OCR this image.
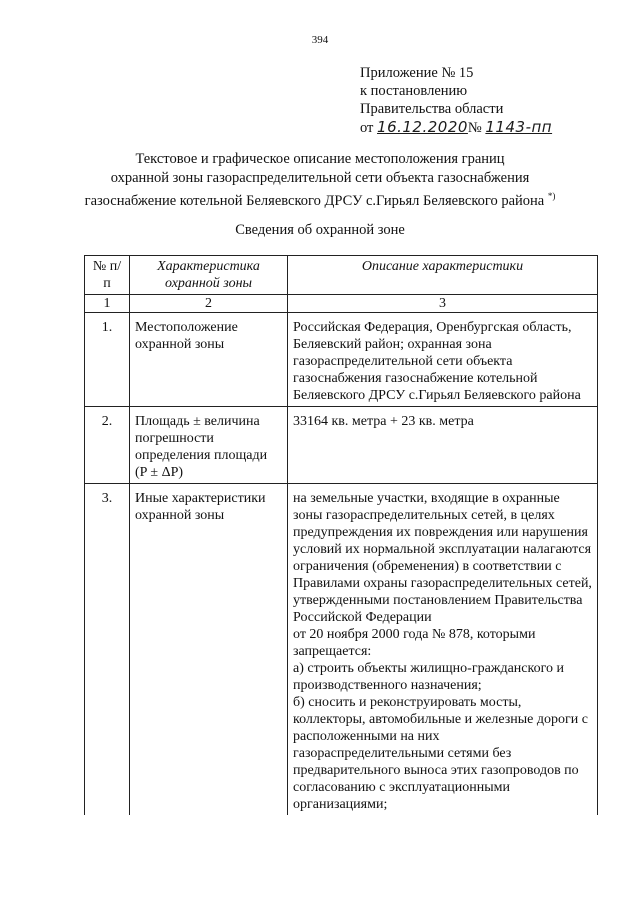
394
Приложение № 15
к постановлению
Правительства области
от 16.12.2020№ 1143-пп
Текстовое и графическое описание местоположения границ
охранной зоны газораспределительной сети объекта газоснабжения
газоснабжение котельной Беляевского ДРСУ с.Гирьял Беляевского района *)
Сведения об охранной зоне
№ п/п	Характеристика охранной зоны	Описание характеристики
1	2	3
1.	Местоположение охранной зоны	Российская Федерация, Оренбургская область, Беляевский район; охранная зона газораспределительной сети объекта газоснабжения газоснабжение котельной Беляевского ДРСУ с.Гирьял Беляевского района
2.	Площадь ± величина погрешности определения площади (P ± ΔP)	33164 кв. метра + 23 кв. метра
3.	Иные характеристики охранной зоны	на земельные участки, входящие в охранные зоны газораспределительных сетей, в целях предупреждения их повреждения или нарушения условий их нормальной эксплуатации налагаются ограничения (обременения) в соответствии с Правилами охраны газораспределительных сетей, утвержденными постановлением Правительства Российской Федерации
от 20 ноября 2000 года № 878, которыми запрещается:
а) строить объекты жилищно-гражданского и производственного назначения;
б) сносить и реконструировать мосты, коллекторы, автомобильные и железные дороги с расположенными на них газораспределительными сетями без предварительного выноса этих газопроводов по согласованию с эксплуатационными организациями;
